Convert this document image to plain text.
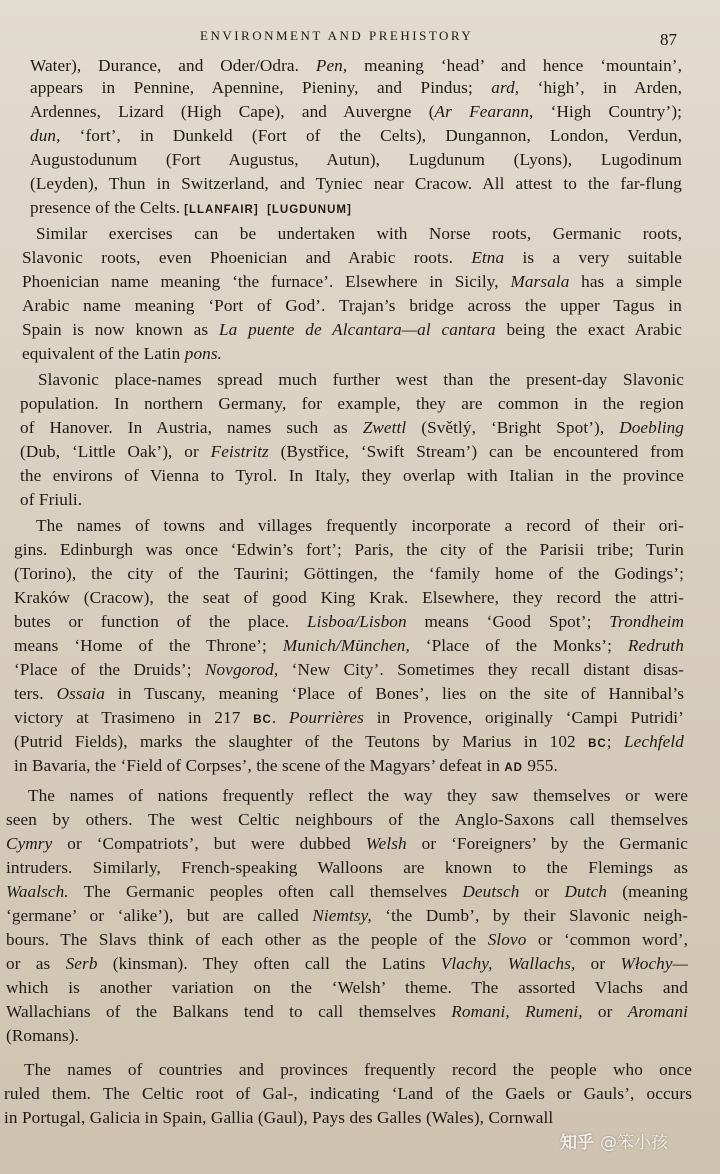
ENVIRONMENT AND PREHISTORY	87
Water), Durance, and Oder/Odra. Pen, meaning ‘head’ and hence ‘mountain’,
appears in Pennine, Apennine, Pieniny, and Pindus; ard, ‘high’, in Arden,
Ardennes, Lizard (High Cape), and Auvergne (Ar Fearann, ‘High Country’);
dun, ‘fort’, in Dunkeld (Fort of the Celts), Dungannon, London, Verdun,
Augustodunum (Fort Augustus, Autun), Lugdunum (Lyons), Lugodinum
(Leyden), Thun in Switzerland, and Tyniec near Cracow. All attest to the far-flung
presence of the Celts. [LLANFAIR] [LUGDUNUM]
Similar exercises can be undertaken with Norse roots, Germanic roots,
Slavonic roots, even Phoenician and Arabic roots. Etna is a very suitable
Phoenician name meaning ‘the furnace’. Elsewhere in Sicily, Marsala has a simple
Arabic name meaning ‘Port of God’. Trajan’s bridge across the upper Tagus in
Spain is now known as La puente de Alcantara—al cantara being the exact Arabic
equivalent of the Latin pons.
Slavonic place-names spread much further west than the present-day Slavonic
population. In northern Germany, for example, they are common in the region
of Hanover. In Austria, names such as Zwettl (Světlý, ‘Bright Spot’), Doebling
(Dub, ‘Little Oak’), or Feistritz (Bystřice, ‘Swift Stream’) can be encountered from
the environs of Vienna to Tyrol. In Italy, they overlap with Italian in the province
of Friuli.
The names of towns and villages frequently incorporate a record of their ori-
gins. Edinburgh was once ‘Edwin’s fort’; Paris, the city of the Parisii tribe; Turin
(Torino), the city of the Taurini; Göttingen, the ‘family home of the Godings’;
Kraków (Cracow), the seat of good King Krak. Elsewhere, they record the attri-
butes or function of the place. Lisboa/Lisbon means ‘Good Spot’; Trondheim
means ‘Home of the Throne’; Munich/München, ‘Place of the Monks’; Redruth
‘Place of the Druids’; Novgorod, ‘New City’. Sometimes they recall distant disas-
ters. Ossaia in Tuscany, meaning ‘Place of Bones’, lies on the site of Hannibal’s
victory at Trasimeno in 217 BC. Pourrières in Provence, originally ‘Campi Putridi’
(Putrid Fields), marks the slaughter of the Teutons by Marius in 102 BC; Lechfeld
in Bavaria, the ‘Field of Corpses’, the scene of the Magyars’ defeat in AD 955.
The names of nations frequently reflect the way they saw themselves or were
seen by others. The west Celtic neighbours of the Anglo-Saxons call themselves
Cymry or ‘Compatriots’, but were dubbed Welsh or ‘Foreigners’ by the Germanic
intruders. Similarly, French-speaking Walloons are known to the Flemings as
Waalsch. The Germanic peoples often call themselves Deutsch or Dutch (meaning
‘germane’ or ‘alike’), but are called Niemtsy, ‘the Dumb’, by their Slavonic neigh-
bours. The Slavs think of each other as the people of the Slovo or ‘common word’,
or as Serb (kinsman). They often call the Latins Vlachy, Wallachs, or Włochy—
which is another variation on the ‘Welsh’ theme. The assorted Vlachs and
Wallachians of the Balkans tend to call themselves Romani, Rumeni, or Aromani
(Romans).
The names of countries and provinces frequently record the people who once
ruled them. The Celtic root of Gal-, indicating ‘Land of the Gaels or Gauls’, occurs
in Portugal, Galicia in Spain, Gallia (Gaul), Pays des Galles (Wales), Cornwall
知乎 @笨小孩
